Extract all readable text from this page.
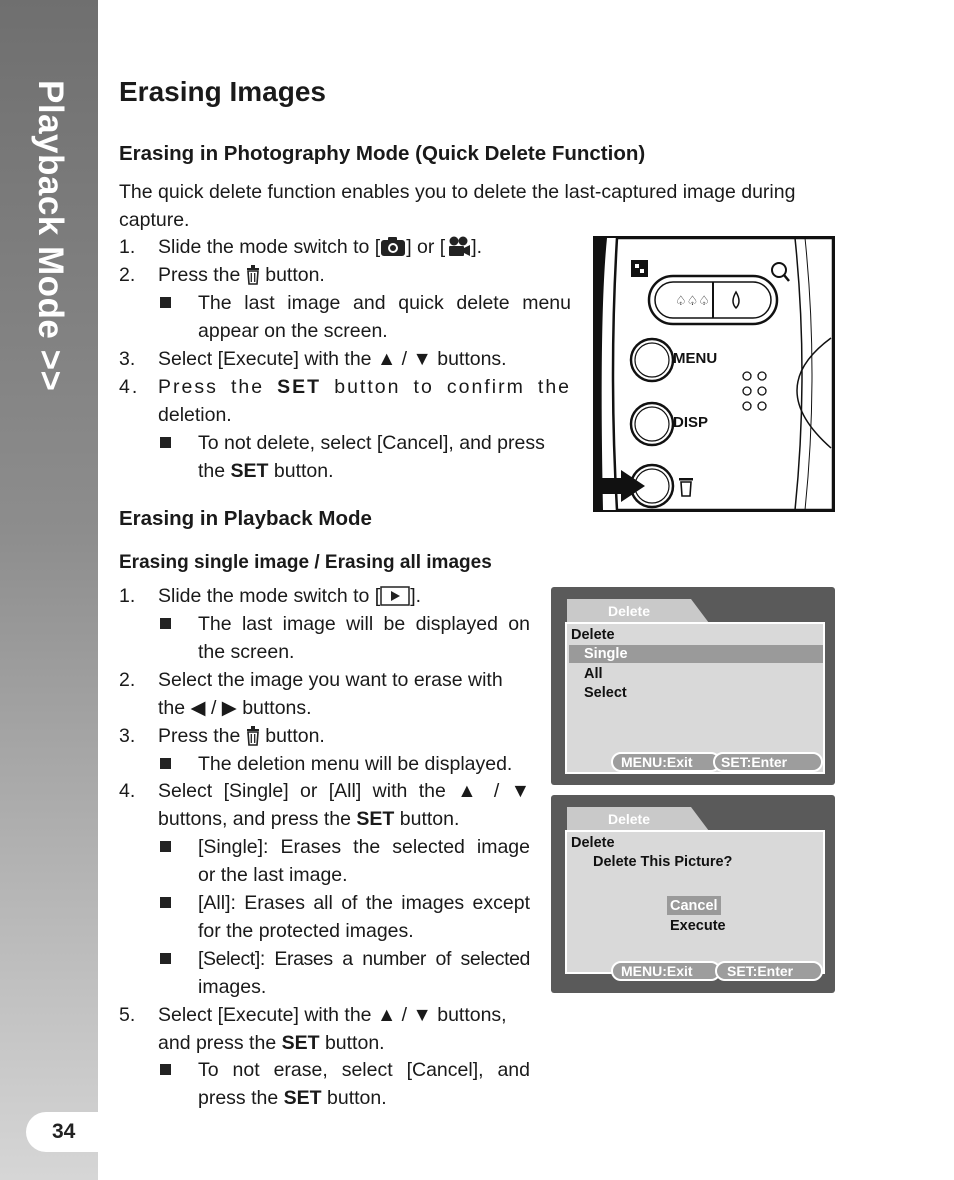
Playback Mode >>
34
Erasing Images
Erasing in Photography Mode (Quick Delete Function)
The quick delete function enables you to delete the last-captured image during
capture.
1. Slide the mode switch to [ ] or [ ].
2. Press the button.
The last image and quick delete menu
appear on the screen.
3. Select [Execute] with the ▲ / ▼ buttons.
4. Press the SET button to confirm the
deletion.
To not delete, select [Cancel], and press
the SET button.
♤♤♤
MENU
DISP
Erasing in Playback Mode
Erasing single image / Erasing all images
1. Slide the mode switch to [ ].
The last image will be displayed on
the screen.
2. Select the image you want to erase with
the ◀ / ▶ buttons.
3. Press the button.
The deletion menu will be displayed.
4. Select [Single] or [All] with the ▲ / ▼
buttons, and press the SET button.
[Single]: Erases the selected image
or the last image.
[All]: Erases all of the images except
for the protected images.
[Select]: Erases a number of selected
images.
5. Select [Execute] with the ▲ / ▼ buttons,
and press the SET button.
To not erase, select [Cancel], and
press the SET button.
Delete
Delete
Single
All
Select
MENU:Exit	SET:Enter
Delete
Delete
Delete This Picture?
Cancel
Execute
MENU:Exit	SET:Enter
